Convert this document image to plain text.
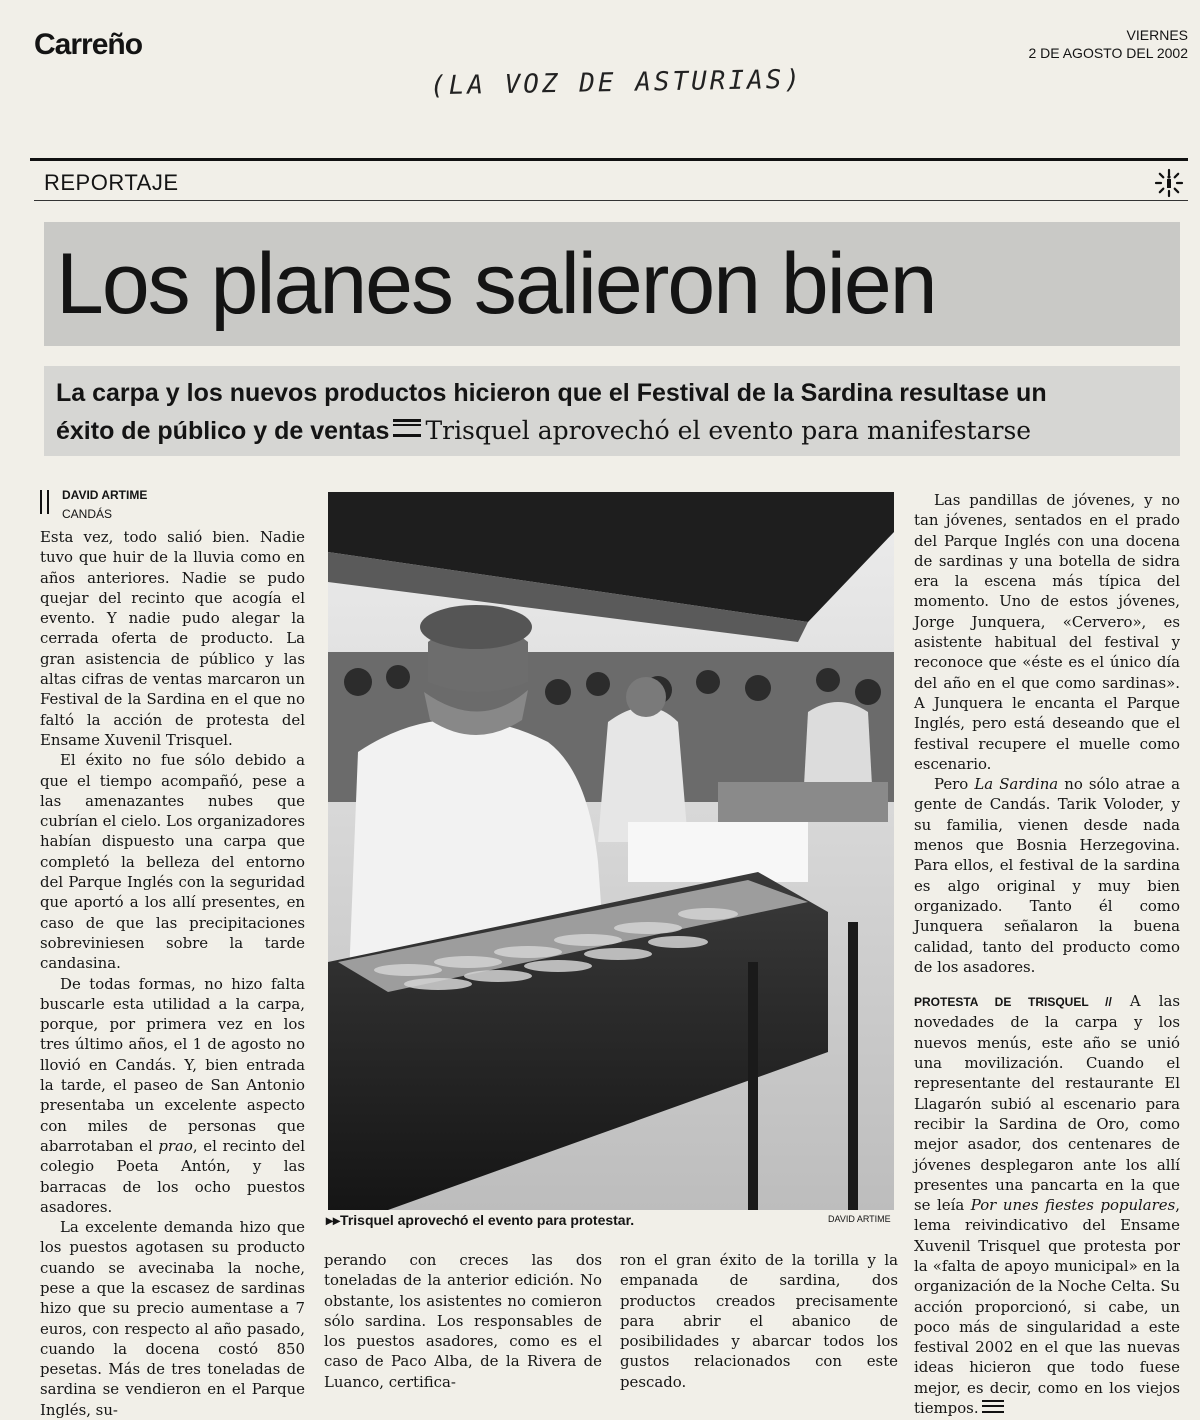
Carreño	VIERNES
2 DE AGOSTO DEL 2002
(LA VOZ DE ASTURIAS)
REPORTAJE
Los planes salieron bien
La carpa y los nuevos productos hicieron que el Festival de la Sardina resultase un
éxito de público y de ventas Trisquel aprovechó el evento para manifestarse
DAVID ARTIME
CANDÁS

Esta vez, todo salió bien. Nadie tuvo que huir de la lluvia como en años anteriores. Nadie se pudo quejar del recinto que acogía el evento. Y nadie pudo alegar la cerrada oferta de producto. La gran asistencia de público y las altas cifras de ventas marcaron un Festival de la Sardina en el que no faltó la acción de protesta del Ensame Xuvenil Trisquel.

El éxito no fue sólo debido a que el tiempo acompañó, pese a las amenazantes nubes que cubrían el cielo. Los organizadores habían dispuesto una carpa que completó la belleza del entorno del Parque Inglés con la seguridad que aportó a los allí presentes, en caso de que las precipitaciones sobreviniesen sobre la tarde candasina.

De todas formas, no hizo falta buscarle esta utilidad a la carpa, porque, por primera vez en los tres último años, el 1 de agosto no llovió en Candás. Y, bien entrada la tarde, el paseo de San Antonio presentaba un excelente aspecto con miles de personas que abarrotaban el prao, el recinto del colegio Poeta Antón, y las barracas de los ocho puestos asadores.

La excelente demanda hizo que los puestos agotasen su producto cuando se avecinaba la noche, pese a que la escasez de sardinas hizo que su precio aumentase a 7 euros, con respecto al año pasado, cuando la docena costó 850 pesetas. Más de tres toneladas de sardina se vendieron en el Parque Inglés, su-

▸▸Trisquel aprovechó el evento para protestar.	DAVID ARTIME

perando con creces las dos toneladas de la anterior edición. No obstante, los asistentes no comieron sólo sardina. Los responsables de los puestos asadores, como es el caso de Paco Alba, de la Rivera de Luanco, certifica-

ron el gran éxito de la torilla y la empanada de sardina, dos productos creados precisamente para abrir el abanico de posibilidades y abarcar todos los gustos relacionados con este pescado.

Las pandillas de jóvenes, y no tan jóvenes, sentados en el prado del Parque Inglés con una docena de sardinas y una botella de sidra era la escena más típica del momento. Uno de estos jóvenes, Jorge Junquera, «Cervero», es asistente habitual del festival y reconoce que «éste es el único día del año en el que como sardinas». A Junquera le encanta el Parque Inglés, pero está deseando que el festival recupere el muelle como escenario.

Pero La Sardina no sólo atrae a gente de Candás. Tarik Voloder, y su familia, vienen desde nada menos que Bosnia Herzegovina. Para ellos, el festival de la sardina es algo original y muy bien organizado. Tanto él como Junquera señalaron la buena calidad, tanto del producto como de los asadores.

PROTESTA DE TRISQUEL // A las novedades de la carpa y los nuevos menús, este año se unió una movilización. Cuando el representante del restaurante El Llagarón subió al escenario para recibir la Sardina de Oro, como mejor asador, dos centenares de jóvenes desplegaron ante los allí presentes una pancarta en la que se leía Por unes fiestes populares, lema reivindicativo del Ensame Xuvenil Trisquel que protesta por la «falta de apoyo municipal» en la organización de la Noche Celta. Su acción proporcionó, si cabe, un poco más de singularidad a este festival 2002 en el que las nuevas ideas hicieron que todo fuese mejor, es decir, como en los viejos tiempos.
